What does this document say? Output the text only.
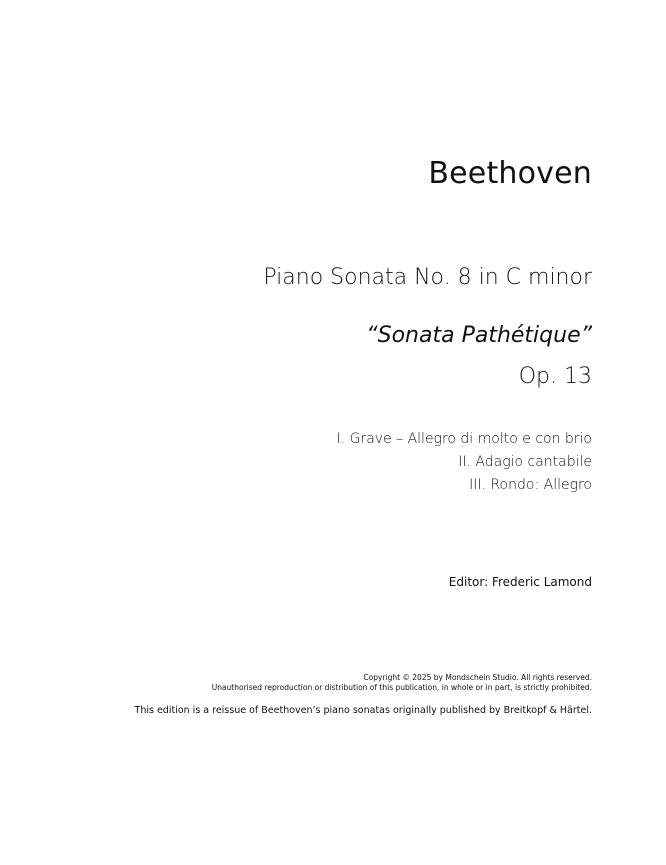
Beethoven
Piano Sonata No. 8 in C minor
“Sonata Pathétique”
Op. 13
I. Grave – Allegro di molto e con brio
II. Adagio cantabile
III. Rondo: Allegro
Editor: Frederic Lamond
Copyright © 2025 by Mondschein Studio. All rights reserved.
Unauthorised reproduction or distribution of this publication, in whole or in part, is strictly prohibited.
This edition is a reissue of Beethoven’s piano sonatas originally published by Breitkopf & Härtel.
